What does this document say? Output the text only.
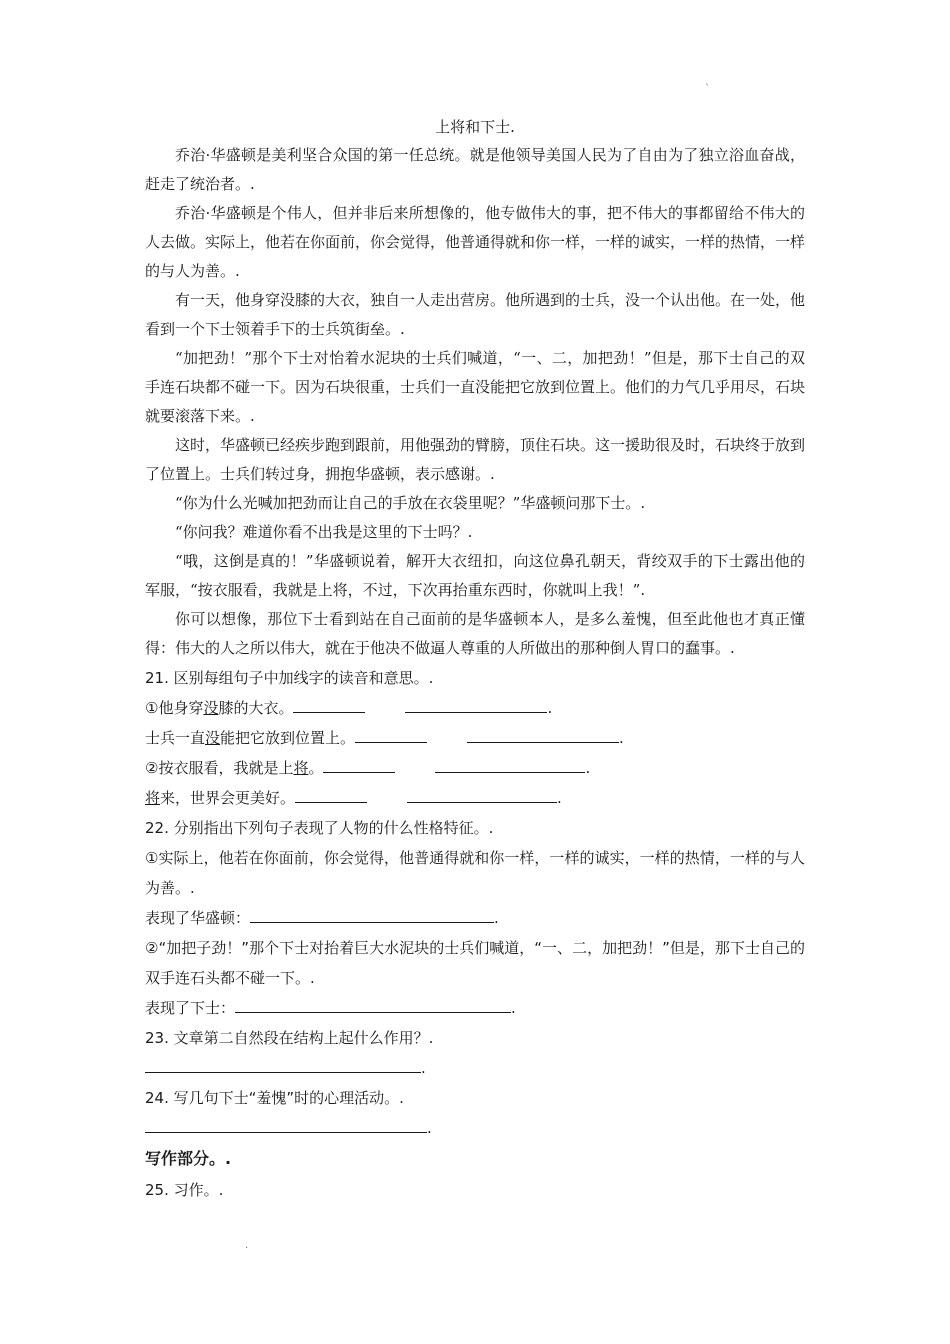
`

上将和下士.

乔治·华盛顿是美利坚合众国的第一任总统。就是他领导美国人民为了自由为了独立浴血奋战，赶走了统治者。.

乔治·华盛顿是个伟人，但并非后来所想像的，他专做伟大的事，把不伟大的事都留给不伟大的人去做。实际上，他若在你面前，你会觉得，他普通得就和你一样，一样的诚实，一样的热情，一样的与人为善。.

有一天，他身穿没膝的大衣，独自一人走出营房。他所遇到的士兵，没一个认出他。在一处，他看到一个下士领着手下的士兵筑街垒。.

“加把劲！”那个下士对怡着水泥块的士兵们喊道，“一、二，加把劲！”但是，那下士自己的双手连石块都不碰一下。因为石块很重，士兵们一直没能把它放到位置上。他们的力气几乎用尽，石块就要滚落下来。.

这时，华盛顿已经疾步跑到跟前，用他强劲的臂膀，顶住石块。这一援助很及时，石块终于放到了位置上。士兵们转过身，拥抱华盛顿，表示感谢。.

“你为什么光喊加把劲而让自己的手放在衣袋里呢？”华盛顿问那下士。.

“你问我？难道你看不出我是这里的下士吗？.

“哦，这倒是真的！”华盛顿说着，解开大衣纽扣，向这位鼻孔朝天，背绞双手的下士露出他的军服，“按衣服看，我就是上将，不过，下次再抬重东西时，你就叫上我！”.

你可以想像，那位下士看到站在自己面前的是华盛顿本人，是多么羞愧，但至此他也才真正懂得：伟大的人之所以伟大，就在于他决不做逼人尊重的人所做出的那种倒人胃口的蠢事。.

21. 区别每组句子中加线字的读音和意思。.

①他身穿没膝的大衣。	.

士兵一直没能把它放到位置上。	.

②按衣服看，我就是上将。	.

将来，世界会更美好。	.

22. 分别指出下列句子表现了人物的什么性格特征。.

①实际上，他若在你面前，你会觉得，他普通得就和你一样，一样的诚实，一样的热情，一样的与人为善。.

表现了华盛顿：	.

②“加把子劲！”那个下士对抬着巨大水泥块的士兵们喊道，“一、二，加把劲！”但是，那下士自己的双手连石头都不碰一下。.

表现了下士：	.

23. 文章第二自然段在结构上起什么作用？.

.

24. 写几句下士“羞愧”时的心理活动。.

.

写作部分。.

25. 习作。.

.
